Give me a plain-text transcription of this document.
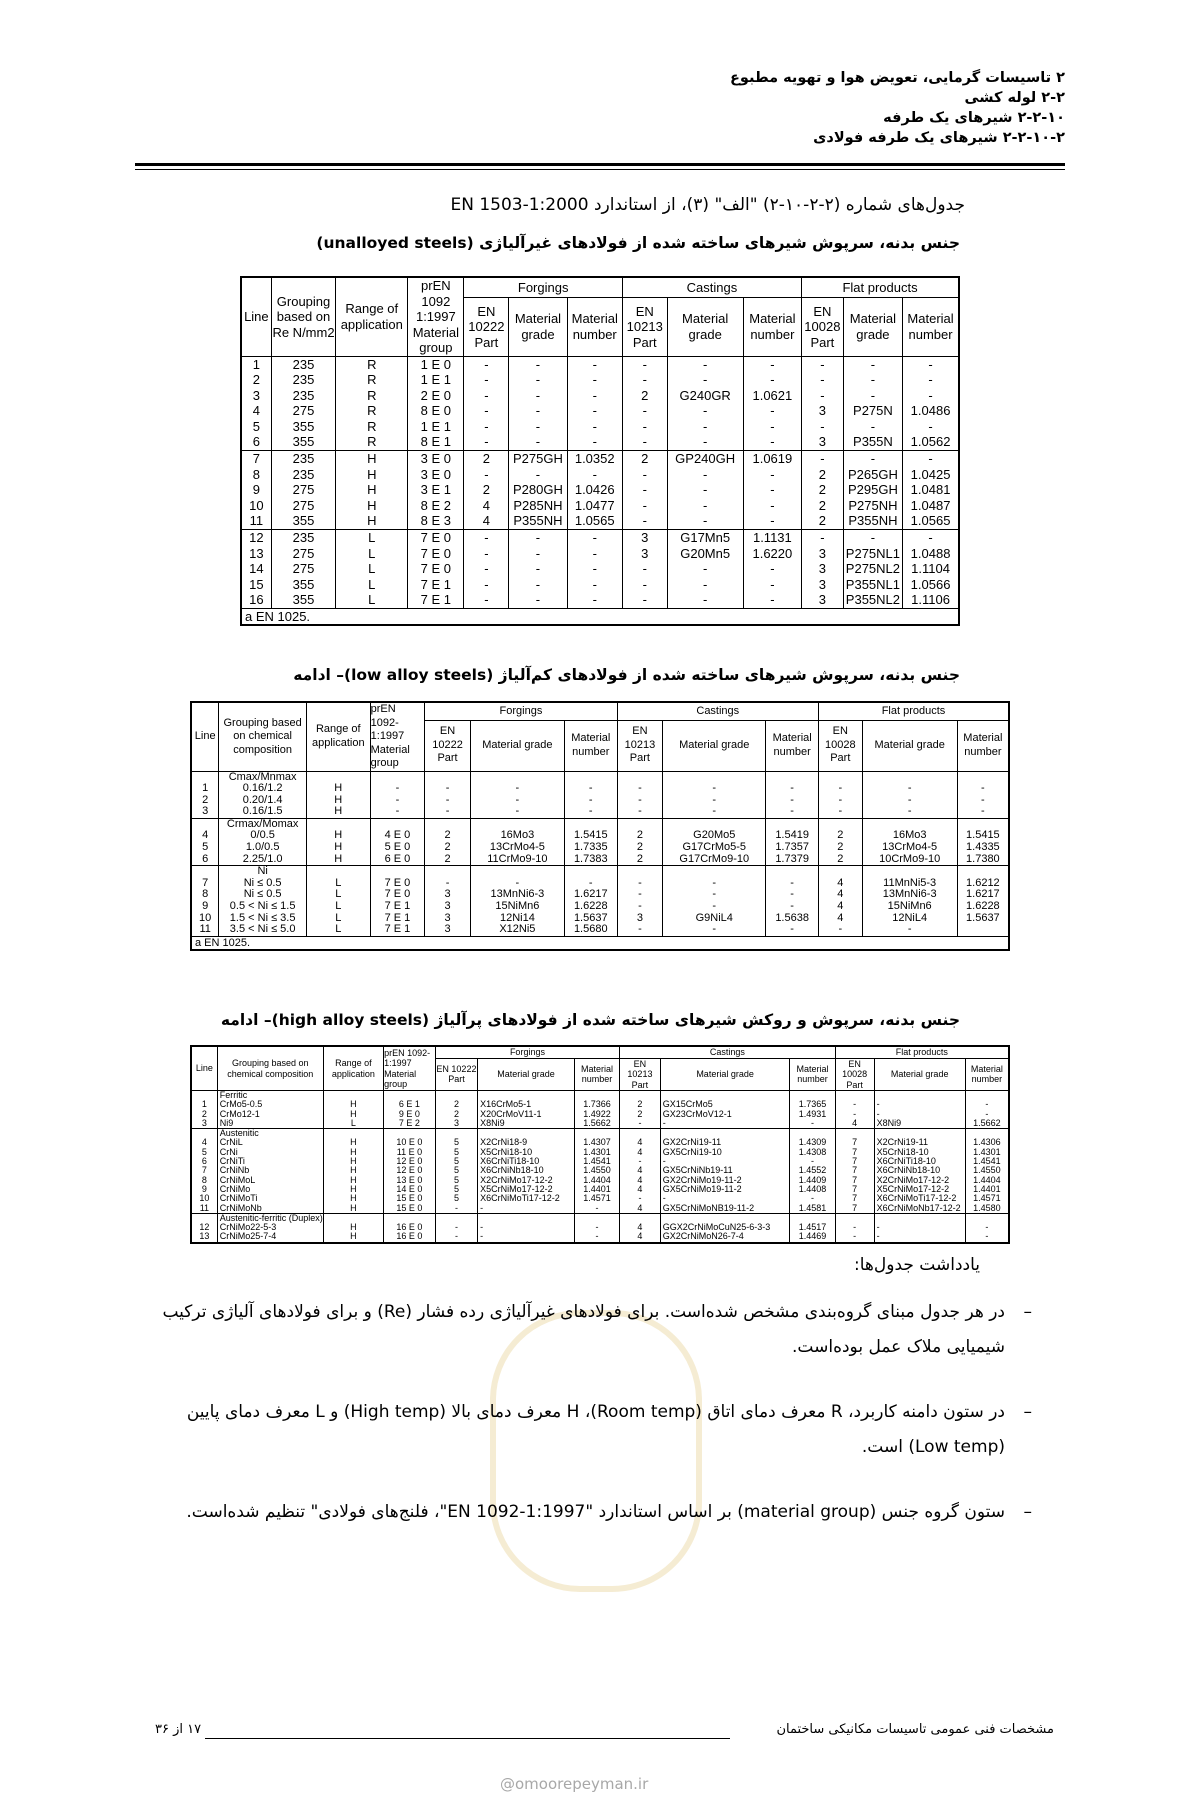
۲ تاسیسات گرمایی، تعویض هوا و تهویه مطبوع
۲-۲ لوله کشی
۲-۲-۱۰ شیرهای یک طرفه
۲-۲-۱۰-۲ شیرهای یک طرفه فولادی
جدول‌های شماره (۲-۲-۱۰-۲) "الف" (۳)، از استاندارد EN 1503-1:2000
جنس بدنه، سرپوش شیرهای ساخته شده از فولادهای غیرآلیاژی (unalloyed steels)
Line	Grouping based on Re N/mm2	Range of application	prEN 1092 1:1997 Material group	Forgings			Castings			Flat products		
				EN 10222 Part	Material grade	Material number	EN 10213 Part	Material grade	Material number	EN 10028 Part	Material grade	Material number
1	235	R	1 E 0	-	-	-	-	-	-	-	-	-
2	235	R	1 E 1	-	-	-	-	-	-	-	-	-
3	235	R	2 E 0	-	-	-	2	G240GR	1.0621	-	-	-
4	275	R	8 E 0	-	-	-	-	-	-	3	P275N	1.0486
5	355	R	1 E 1	-	-	-	-	-	-	-	-	-
6	355	R	8 E 1	-	-	-	-	-	-	3	P355N	1.0562
7	235	H	3 E 0	2	P275GH	1.0352	2	GP240GH	1.0619	-	-	-
8	235	H	3 E 0	-	-	-	-	-	-	2	P265GH	1.0425
9	275	H	3 E 1	2	P280GH	1.0426	-	-	-	2	P295GH	1.0481
10	275	H	8 E 2	4	P285NH	1.0477	-	-	-	2	P275NH	1.0487
11	355	H	8 E 3	4	P355NH	1.0565	-	-	-	2	P355NH	1.0565
12	235	L	7 E 0	-	-	-	3	G17Mn5	1.1131	-	-	-
13	275	L	7 E 0	-	-	-	3	G20Mn5	1.6220	3	P275NL1	1.0488
14	275	L	7 E 0	-	-	-	-	-	-	3	P275NL2	1.1104
15	355	L	7 E 1	-	-	-	-	-	-	3	P355NL1	1.0566
16	355	L	7 E 1	-	-	-	-	-	-	3	P355NL2	1.1106
a EN 1025.												
جنس بدنه، سرپوش شیرهای ساخته شده از فولادهای کم‌آلیاژ (low alloy steels)– ادامه
Line	Grouping based on chemical composition	Range of application	prEN 1092- 1:1997 Material group	Forgings			Castings			Flat products		
				EN 10222 Part	Material grade	Material number	EN 10213 Part	Material grade	Material number	EN 10028 Part	Material grade	Material number
	Cmax/Mnmax											
1	0.16/1.2	H	-	-	-	-	-	-	-	-	-	-
2	0.20/1.4	H	-	-	-	-	-	-	-	-	-	-
3	0.16/1.5	H	-	-	-	-	-	-	-	-	-	-
	Crmax/Momax											
4	0/0.5	H	4 E 0	2	16Mo3	1.5415	2	G20Mo5	1.5419	2	16Mo3	1.5415
5	1.0/0.5	H	5 E 0	2	13CrMo4-5	1.7335	2	G17CrMo5-5	1.7357	2	13CrMo4-5	1.4335
6	2.25/1.0	H	6 E 0	2	11CrMo9-10	1.7383	2	G17CrMo9-10	1.7379	2	10CrMo9-10	1.7380
	Ni											
7	Ni ≤ 0.5	L	7 E 0	-	-	-	-	-	-	4	11MnNi5-3	1.6212
8	Ni ≤ 0.5	L	7 E 0	3	13MnNi6-3	1.6217	-	-	-	4	13MnNi6-3	1.6217
9	0.5 < Ni ≤ 1.5	L	7 E 1	3	15NiMn6	1.6228	-	-	-	4	15NiMn6	1.6228
10	1.5 < Ni ≤ 3.5	L	7 E 1	3	12Ni14	1.5637	3	G9NiL4	1.5638	4	12NiL4	1.5637
11	3.5 < Ni ≤ 5.0	L	7 E 1	3	X12Ni5	1.5680	-	-	-	-	-	
a EN 1025.												
جنس بدنه، سرپوش و روکش شیرهای ساخته شده از فولادهای پرآلیاژ (high alloy steels)– ادامه
Line	Grouping based on chemical composition	Range of application	prEN 1092- 1:1997 Material group	Forgings			Castings			Flat products		
				EN 10222 Part	Material grade	Material number	EN 10213 Part	Material grade	Material number	EN 10028 Part	Material grade	Material number
	Ferritic											
1	CrMo5-0.5	H	6 E 1	2	X16CrMo5-1	1.7366	2	GX15CrMo5	1.7365	-	-	-
2	CrMo12-1	H	9 E 0	2	X20CrMoV11-1	1.4922	2	GX23CrMoV12-1	1.4931	-	-	-
3	Ni9	L	7 E 2	3	X8Ni9	1.5662	-	-	-	4	X8Ni9	1.5662
	Austenitic											
4	CrNiL	H	10 E 0	5	X2CrNi18-9	1.4307	4	GX2CrNi19-11	1.4309	7	X2CrNi19-11	1.4306
5	CrNi	H	11 E 0	5	X5CrNi18-10	1.4301	4	GX5CrNi19-10	1.4308	7	X5CrNi18-10	1.4301
6	CrNiTi	H	12 E 0	5	X6CrNiTi18-10	1.4541	-	-	-	7	X6CrNiTi18-10	1.4541
7	CrNiNb	H	12 E 0	5	X6CrNiNb18-10	1.4550	4	GX5CrNiNb19-11	1.4552	7	X6CrNiNb18-10	1.4550
8	CrNiMoL	H	13 E 0	5	X2CrNiMo17-12-2	1.4404	4	GX2CrNiMo19-11-2	1.4409	7	X2CrNiMo17-12-2	1.4404
9	CrNiMo	H	14 E 0	5	X5CrNiMo17-12-2	1.4401	4	GX5CrNiMo19-11-2	1.4408	7	X5CrNiMo17-12-2	1.4401
10	CrNiMoTi	H	15 E 0	5	X6CrNiMoTi17-12-2	1.4571	-	-	-	7	X6CrNiMoTi17-12-2	1.4571
11	CrNiMoNb	H	15 E 0	-	-	-	4	GX5CrNiMoNB19-11-2	1.4581	7	X6CrNiMoNb17-12-2	1.4580
	Austenitic-ferritic (Duplex)											
12	CrNiMo22-5-3	H	16 E 0	-	-	-	4	GGX2CrNiMoCuN25-6-3-3	1.4517	-	-	-
13	CrNiMo25-7-4	H	16 E 0	-	-	-	4	GX2CrNiMoN26-7-4	1.4469	-	-	-
یادداشت جدول‌ها:
–
در هر جدول مبنای گروه‌بندی مشخص شده‌است. برای فولادهای غیرآلیاژی رده فشار (Re) و برای فولادهای آلیاژی ترکیب شیمیایی ملاک عمل بوده‌است.
–
در ستون دامنه کاربرد، R معرف دمای اتاق (Room temp)، H معرف دمای بالا (High temp) و L معرف دمای پایین (Low temp) است.
–
ستون گروه جنس (material group) بر اساس استاندارد "EN 1092-1:1997"، فلنج‌های فولادی" تنظیم شده‌است.
مشخصات فنی عمومی تاسیسات مکانیکی ساختمان
۱۷ از ۳۶
@omoorepeyman.ir
